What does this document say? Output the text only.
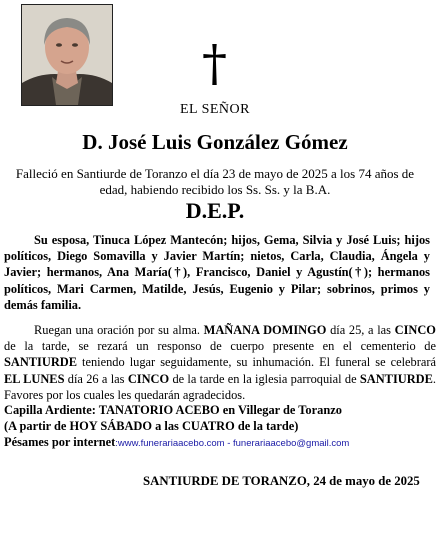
†
EL SEÑOR
D. José Luis González Gómez
Falleció en Santiurde de Toranzo el día 23 de mayo de 2025 a los 74 años de
edad, habiendo recibido los Ss. Ss. y la B.A.
D.E.P.
Su esposa, Tinuca López Mantecón; hijos, Gema, Silvia y José Luis; hijos políticos, Diego Somavilla y Javier Martín; nietos, Carla, Claudia, Ángela y Javier; hermanos, Ana María(†), Francisco, Daniel y Agustín(†); hermanos políticos, Mari Carmen, Matilde, Jesús, Eugenio y Pilar; sobrinos, primos y demás familia.
Ruegan una oración por su alma. MAÑANA DOMINGO día 25, a las CINCO de la tarde, se rezará un responso de cuerpo presente en el cementerio de SANTIURDE teniendo lugar seguidamente, su inhumación. El funeral se celebrará EL LUNES día 26 a las CINCO de la tarde en la iglesia parroquial de SANTIURDE. Favores por los cuales les quedarán agradecidos.
Capilla Ardiente: TANATORIO ACEBO en Villegar de Toranzo
(A partir de HOY SÁBADO a las CUATRO de la tarde)
Pésames por internet:www.funerariaacebo.com - funerariaacebo@gmail.com
SANTIURDE DE TORANZO, 24 de mayo de 2025
